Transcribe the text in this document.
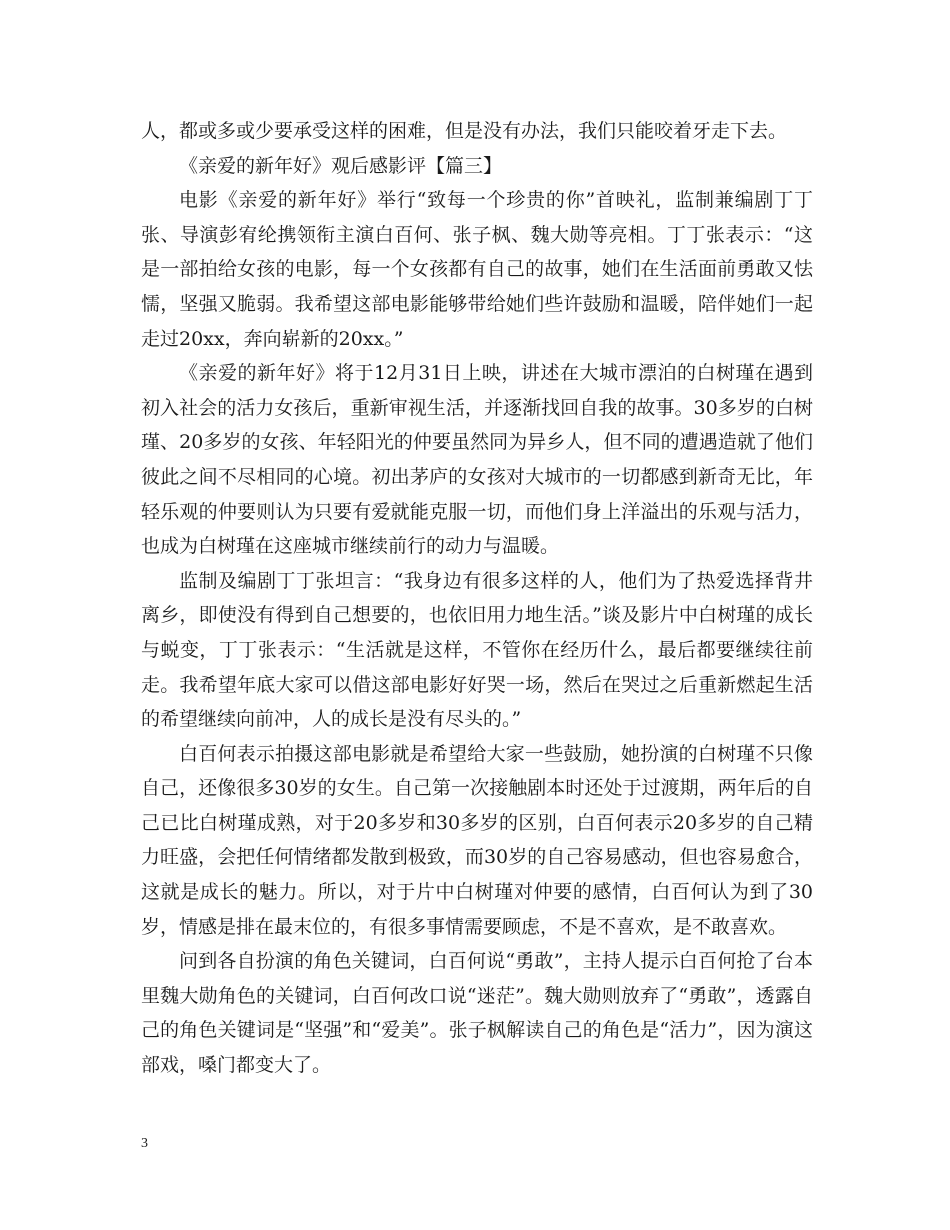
人，都或多或少要承受这样的困难，但是没有办法，我们只能咬着牙走下去。

《亲爱的新年好》观后感影评【篇三】

电影《亲爱的新年好》举行“致每一个珍贵的你”首映礼，监制兼编剧丁丁张、导演彭宥纶携领衔主演白百何、张子枫、魏大勋等亮相。丁丁张表示：“这是一部拍给女孩的电影，每一个女孩都有自己的故事，她们在生活面前勇敢又怯懦，坚强又脆弱。我希望这部电影能够带给她们些许鼓励和温暖，陪伴她们一起走过20xx，奔向崭新的20xx。”

《亲爱的新年好》将于12月31日上映，讲述在大城市漂泊的白树瑾在遇到初入社会的活力女孩后，重新审视生活，并逐渐找回自我的故事。30多岁的白树瑾、20多岁的女孩、年轻阳光的仲要虽然同为异乡人，但不同的遭遇造就了他们彼此之间不尽相同的心境。初出茅庐的女孩对大城市的一切都感到新奇无比，年轻乐观的仲要则认为只要有爱就能克服一切，而他们身上洋溢出的乐观与活力，也成为白树瑾在这座城市继续前行的动力与温暖。

监制及编剧丁丁张坦言：“我身边有很多这样的人，他们为了热爱选择背井离乡，即使没有得到自己想要的，也依旧用力地生活。”谈及影片中白树瑾的成长与蜕变，丁丁张表示：“生活就是这样，不管你在经历什么，最后都要继续往前走。我希望年底大家可以借这部电影好好哭一场，然后在哭过之后重新燃起生活的希望继续向前冲，人的成长是没有尽头的。”

白百何表示拍摄这部电影就是希望给大家一些鼓励，她扮演的白树瑾不只像自己，还像很多30岁的女生。自己第一次接触剧本时还处于过渡期，两年后的自己已比白树瑾成熟，对于20多岁和30多岁的区别，白百何表示20多岁的自己精力旺盛，会把任何情绪都发散到极致，而30岁的自己容易感动，但也容易愈合，这就是成长的魅力。所以，对于片中白树瑾对仲要的感情，白百何认为到了30岁，情感是排在最末位的，有很多事情需要顾虑，不是不喜欢，是不敢喜欢。

问到各自扮演的角色关键词，白百何说“勇敢”，主持人提示白百何抢了台本里魏大勋角色的关键词，白百何改口说“迷茫”。魏大勋则放弃了“勇敢”，透露自己的角色关键词是“坚强”和“爱美”。张子枫解读自己的角色是“活力”，因为演这部戏，嗓门都变大了。

3
